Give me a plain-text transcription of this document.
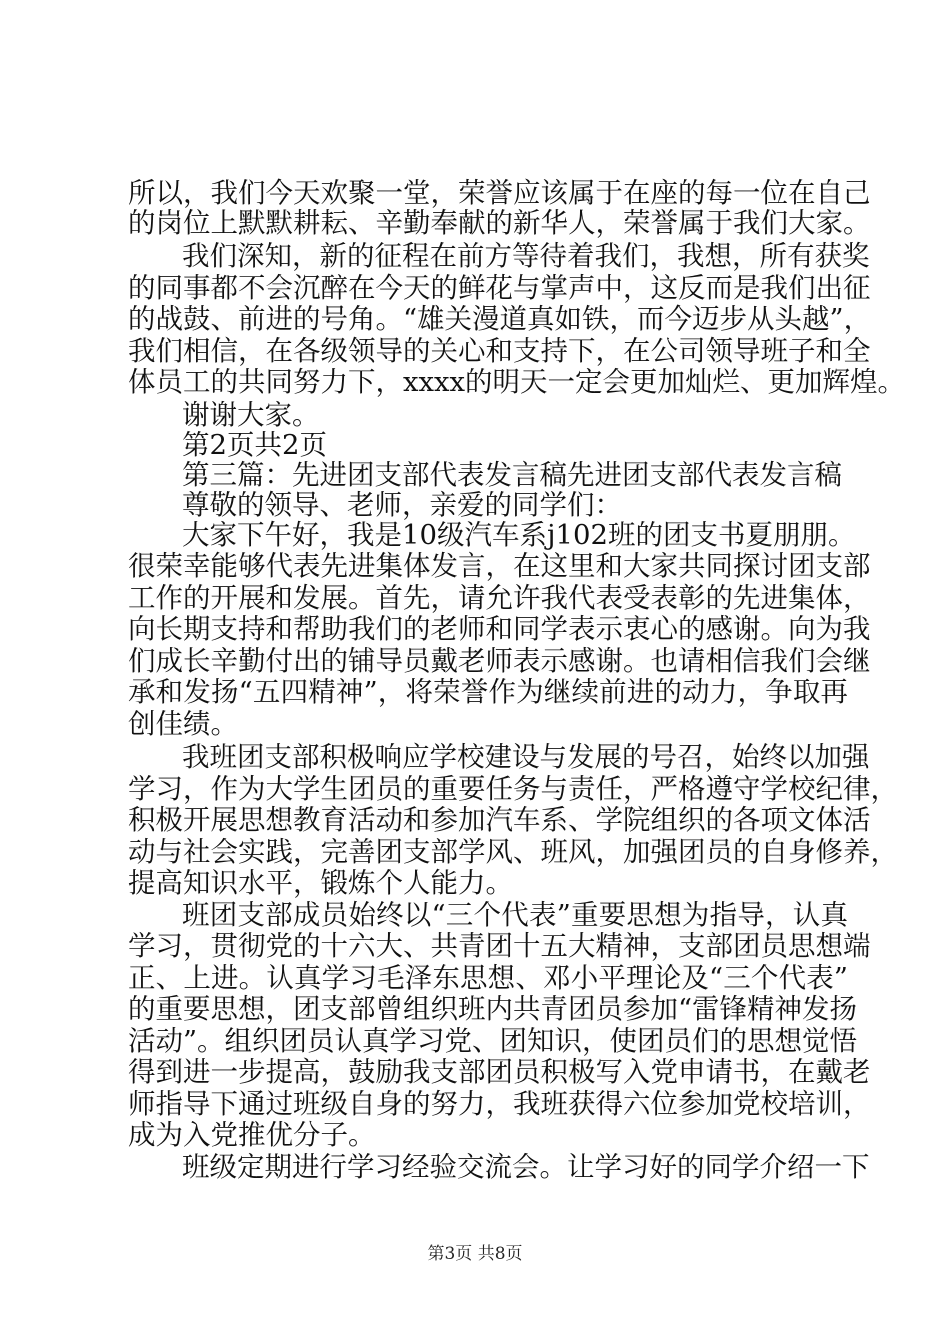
所以，我们今天欢聚一堂，荣誉应该属于在座的每一位在自己
的岗位上默默耕耘、辛勤奉献的新华人，荣誉属于我们大家。
我们深知，新的征程在前方等待着我们，我想，所有获奖
的同事都不会沉醉在今天的鲜花与掌声中，这反而是我们出征
的战鼓、前进的号角。“雄关漫道真如铁，而今迈步从头越”，
我们相信，在各级领导的关心和支持下，在公司领导班子和全
体员工的共同努力下，xxxx的明天一定会更加灿烂、更加辉煌。
谢谢大家。
第2页共2页
第三篇：先进团支部代表发言稿先进团支部代表发言稿
尊敬的领导、老师，亲爱的同学们：
大家下午好，我是10级汽车系j102班的团支书夏朋朋。
很荣幸能够代表先进集体发言，在这里和大家共同探讨团支部
工作的开展和发展。首先，请允许我代表受表彰的先进集体，
向长期支持和帮助我们的老师和同学表示衷心的感谢。向为我
们成长辛勤付出的铺导员戴老师表示感谢。也请相信我们会继
承和发扬“五四精神”，将荣誉作为继续前进的动力，争取再
创佳绩。
我班团支部积极响应学校建设与发展的号召，始终以加强
学习，作为大学生团员的重要任务与责任，严格遵守学校纪律，
积极开展思想教育活动和参加汽车系、学院组织的各项文体活
动与社会实践，完善团支部学风、班风，加强团员的自身修养，
提高知识水平，锻炼个人能力。
班团支部成员始终以“三个代表”重要思想为指导，认真
学习，贯彻党的十六大、共青团十五大精神，支部团员思想端
正、上进。认真学习毛泽东思想、邓小平理论及“三个代表”
的重要思想，团支部曾组织班内共青团员参加“雷锋精神发扬
活动”。组织团员认真学习党、团知识，使团员们的思想觉悟
得到进一步提高，鼓励我支部团员积极写入党申请书，在戴老
师指导下通过班级自身的努力，我班获得六位参加党校培训，
成为入党推优分子。
班级定期进行学习经验交流会。让学习好的同学介绍一下
第3页 共8页
